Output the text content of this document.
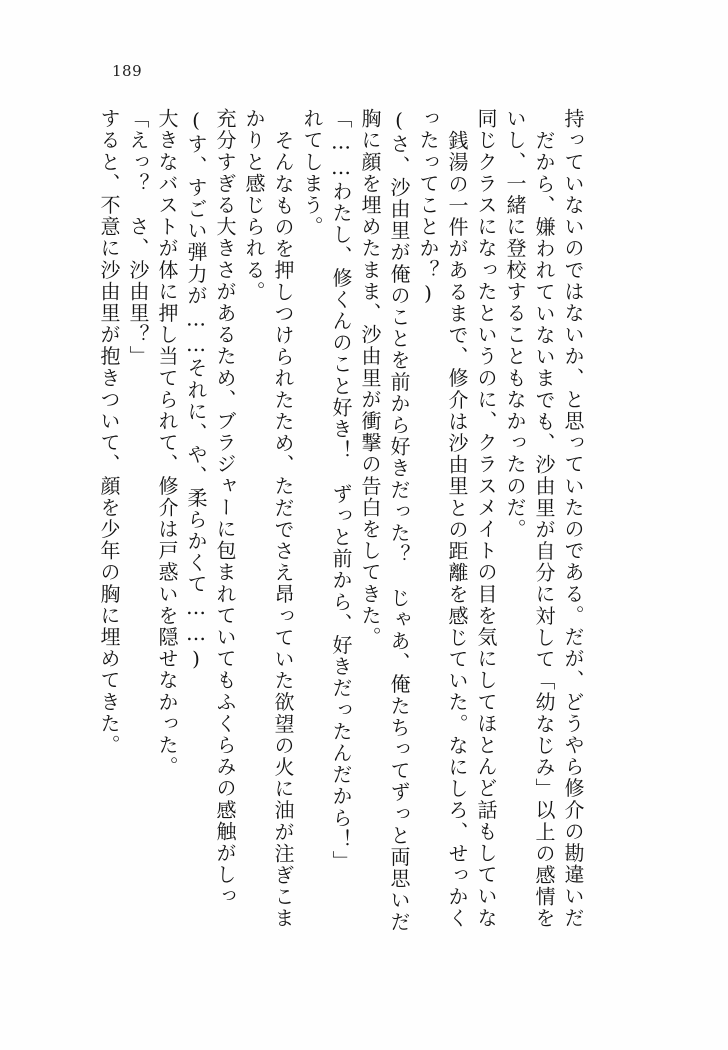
189
すると、不意に沙由里が抱きついて、顔を少年の胸に埋めてきた。 「えっ？　さ、沙由里？」 大きなバストが体に押し当てられて、修介は戸惑いを隠せなかった。 (す、すごい弾力が……それに、や、柔らかくて……) 充分すぎる大きさがあるため、ブラジャーに包まれていてもふくらみの感触がしっ かりと感じられる。 そんなものを押しつけられたため、ただでさえ昂っていた欲望の火に油が注ぎこま れてしまう。 「……わたし、修くんのこと好き！　ずっと前から、好きだったんだから！」 胸に顔を埋めたまま、沙由里が衝撃の告白をしてきた。 (さ、沙由里が俺のことを前から好きだった？　じゃあ、俺たちってずっと両思いだ ったってことか？) 銭湯の一件があるまで、修介は沙由里との距離を感じていた。なにしろ、せっかく 同じクラスになったというのに、クラスメイトの目を気にしてほとんど話もしていな いし、一緒に登校することもなかったのだ。 だから、嫌われていないまでも、沙由里が自分に対して「幼なじみ」以上の感情を 持っていないのではないか、と思っていたのである。だが、どうやら修介の勘違いだ
